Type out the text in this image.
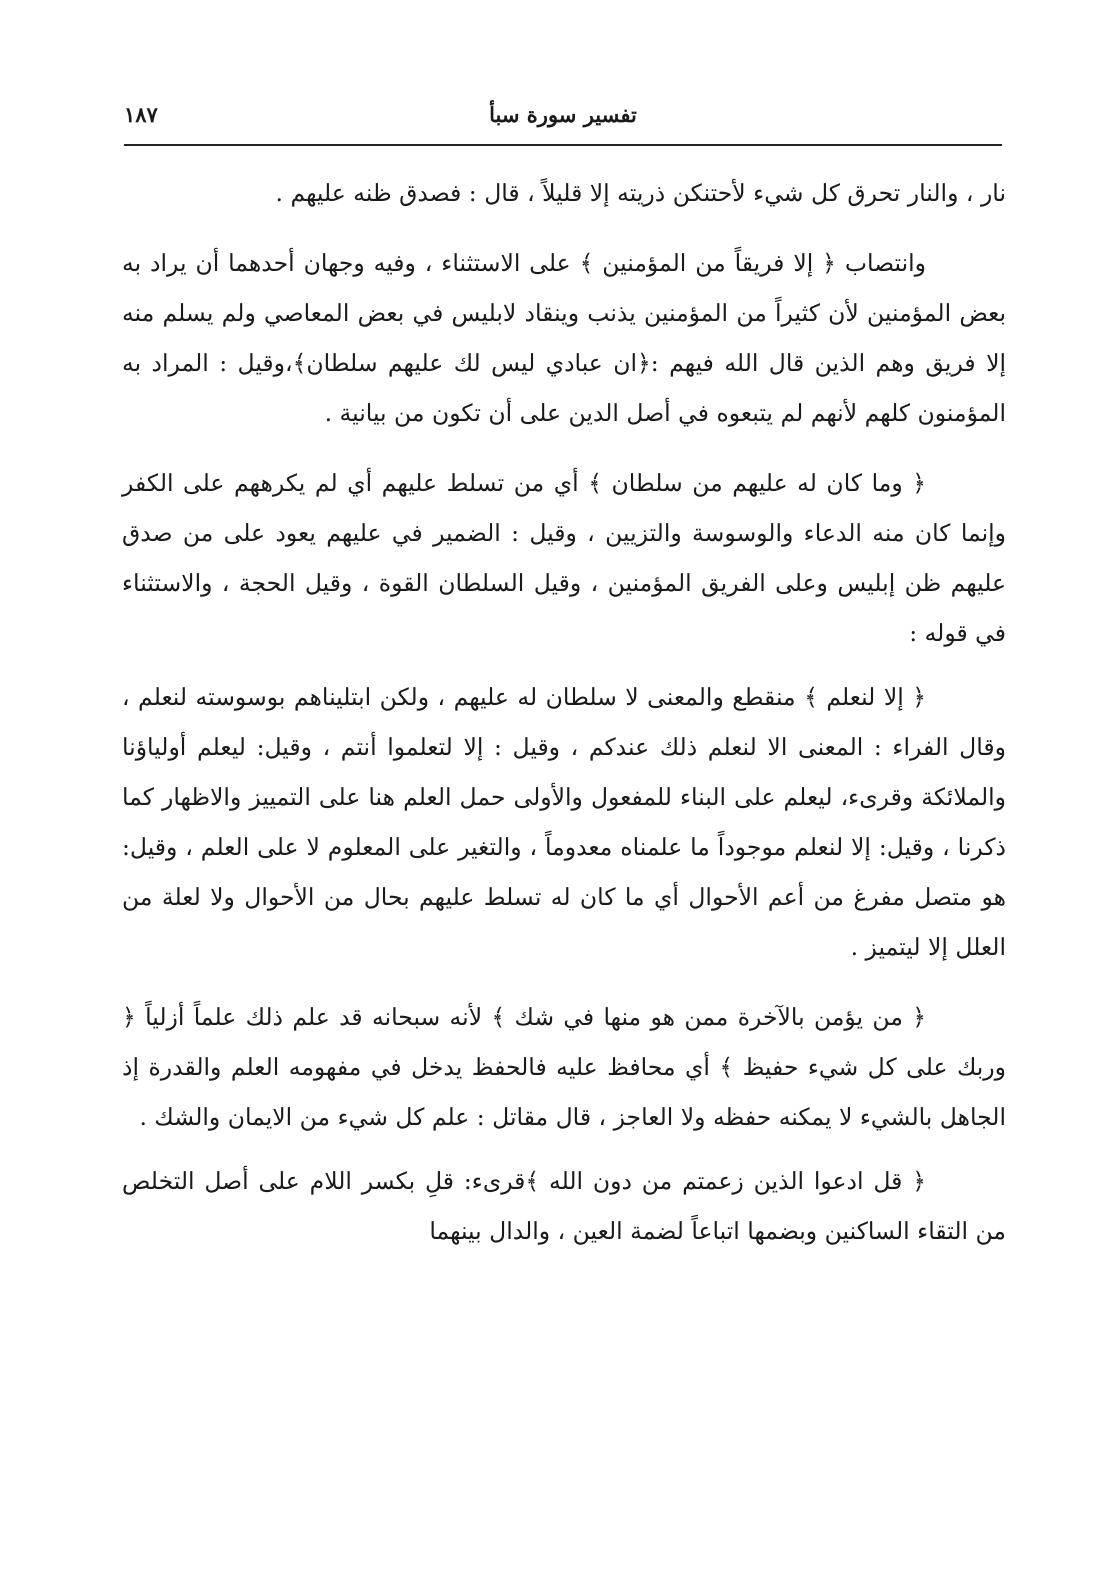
تفسير سورة سبأ
١٨٧

نار ، والنار تحرق كل شيء لأحتنكن ذريته إلا قليلاً ، قال : فصدق ظنه عليهم .

وانتصاب ﴿ إلا فريقاً من المؤمنين ﴾ على الاستثناء ، وفيه وجهان أحدهما أن يراد به بعض المؤمنين لأن كثيراً من المؤمنين يذنب وينقاد لابليس في بعض المعاصي ولم يسلم منه إلا فريق وهم الذين قال الله فيهم :﴿ان عبادي ليس لك عليهم سلطان﴾،وقيل : المراد به المؤمنون كلهم لأنهم لم يتبعوه في أصل الدين على أن تكون من بيانية .

﴿ وما كان له عليهم من سلطان ﴾ أي من تسلط عليهم أي لم يكرههم على الكفر وإنما كان منه الدعاء والوسوسة والتزيين ، وقيل : الضمير في عليهم يعود على من صدق عليهم ظن إبليس وعلى الفريق المؤمنين ، وقيل السلطان القوة ، وقيل الحجة ، والاستثناء في قوله :

﴿ إلا لنعلم ﴾ منقطع والمعنى لا سلطان له عليهم ، ولكن ابتليناهم بوسوسته لنعلم ، وقال الفراء : المعنى الا لنعلم ذلك عندكم ، وقيل : إلا لتعلموا أنتم ، وقيل: ليعلم أولياؤنا والملائكة وقرىء، ليعلم على البناء للمفعول والأولى حمل العلم هنا على التمييز والاظهار كما ذكرنا ، وقيل: إلا لنعلم موجوداً ما علمناه معدوماً ، والتغير على المعلوم لا على العلم ، وقيل: هو متصل مفرغ من أعم الأحوال أي ما كان له تسلط عليهم بحال من الأحوال ولا لعلة من العلل إلا ليتميز .

﴿ من يؤمن بالآخرة ممن هو منها في شك ﴾ لأنه سبحانه قد علم ذلك علماً أزلياً ﴿ وربك على كل شيء حفيظ ﴾ أي محافظ عليه فالحفظ يدخل في مفهومه العلم والقدرة إذ الجاهل بالشيء لا يمكنه حفظه ولا العاجز ، قال مقاتل : علم كل شيء من الايمان والشك .

﴿ قل ادعوا الذين زعمتم من دون الله ﴾قرىء: قلِ بكسر اللام على أصل التخلص من التقاء الساكنين وبضمها اتباعاً لضمة العين ، والدال بينهما
